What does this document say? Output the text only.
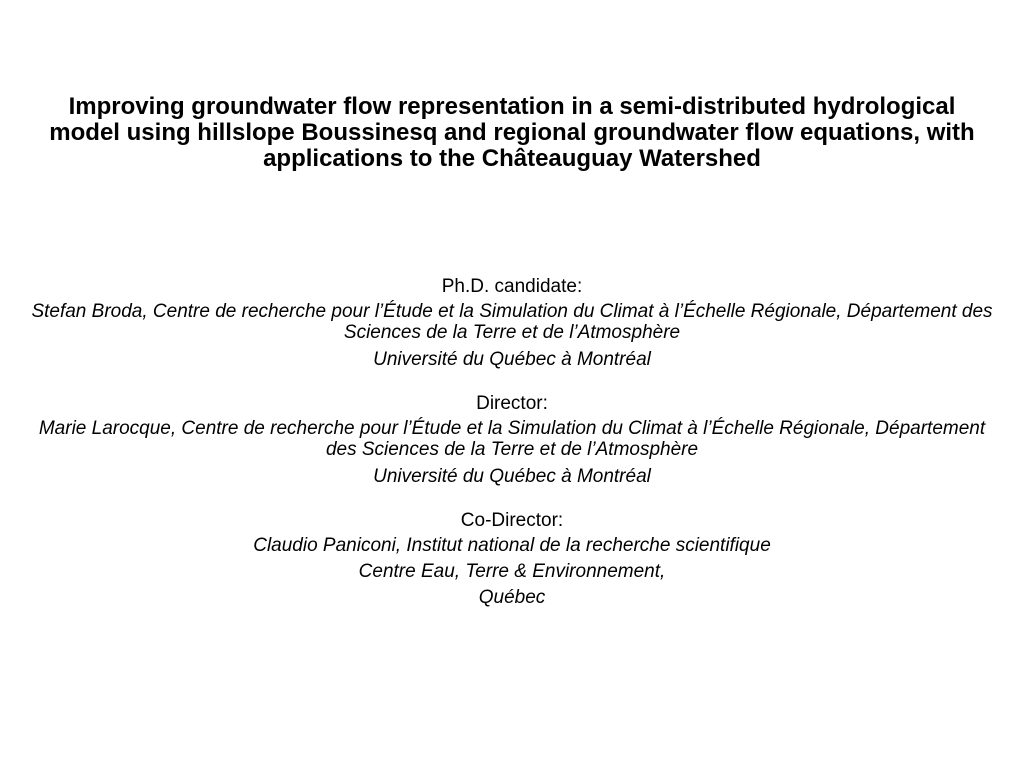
Improving groundwater flow representation in a semi-distributed hydrological model using hillslope Boussinesq and regional groundwater flow equations, with applications to the Châteauguay Watershed

Ph.D. candidate:

Stefan Broda, Centre de recherche pour l’Étude et la Simulation du Climat à l’Échelle Régionale, Département des Sciences de la Terre et de l’Atmosphère

Université du Québec à Montréal

Director:

Marie Larocque, Centre de recherche pour l’Étude et la Simulation du Climat à l’Échelle Régionale, Département des Sciences de la Terre et de l’Atmosphère

Université du Québec à Montréal

Co-Director:

Claudio Paniconi, Institut national de la recherche scientifique

Centre Eau, Terre & Environnement,

Québec
